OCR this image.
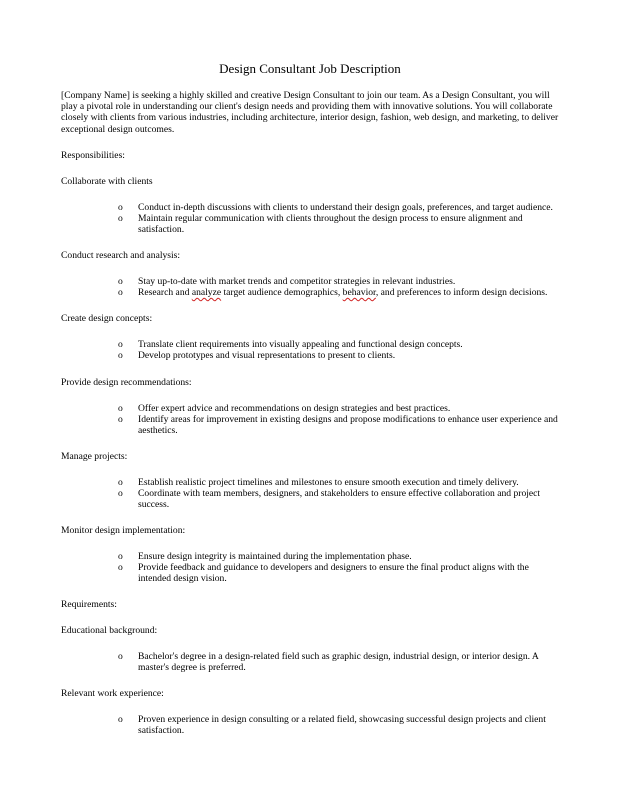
Design Consultant Job Description

[Company Name] is seeking a highly skilled and creative Design Consultant to join our team. As a Design Consultant, you will play a pivotal role in understanding our client's design needs and providing them with innovative solutions. You will collaborate closely with clients from various industries, including architecture, interior design, fashion, web design, and marketing, to deliver exceptional design outcomes.

Responsibilities:

Collaborate with clients

o	Conduct in-depth discussions with clients to understand their design goals, preferences, and target audience.
o	Maintain regular communication with clients throughout the design process to ensure alignment and satisfaction.

Conduct research and analysis:

o	Stay up-to-date with market trends and competitor strategies in relevant industries.
o	Research and analyze target audience demographics, behavior, and preferences to inform design decisions.

Create design concepts:

o	Translate client requirements into visually appealing and functional design concepts.
o	Develop prototypes and visual representations to present to clients.

Provide design recommendations:

o	Offer expert advice and recommendations on design strategies and best practices.
o	Identify areas for improvement in existing designs and propose modifications to enhance user experience and aesthetics.

Manage projects:

o	Establish realistic project timelines and milestones to ensure smooth execution and timely delivery.
o	Coordinate with team members, designers, and stakeholders to ensure effective collaboration and project success.

Monitor design implementation:

o	Ensure design integrity is maintained during the implementation phase.
o	Provide feedback and guidance to developers and designers to ensure the final product aligns with the intended design vision.

Requirements:

Educational background:

o	Bachelor's degree in a design-related field such as graphic design, industrial design, or interior design. A master's degree is preferred.

Relevant work experience:

o	Proven experience in design consulting or a related field, showcasing successful design projects and client satisfaction.
